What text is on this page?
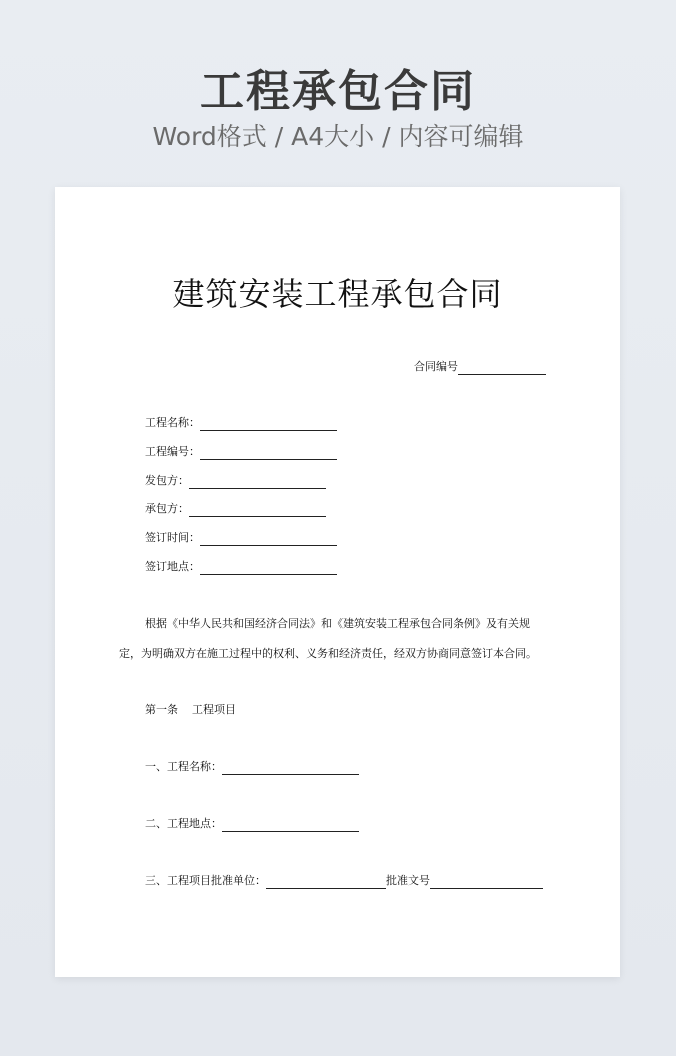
工程承包合同
Word格式 / A4大小 / 内容可编辑
建筑安装工程承包合同
合同编号
工程名称：
工程编号：
发包方：
承包方：
签订时间：
签订地点：
根据《中华人民共和国经济合同法》和《建筑安装工程承包合同条例》及有关规
定，为明确双方在施工过程中的权利、义务和经济责任，经双方协商同意签订本合同。
第一条 工程项目
一、工程名称：
二、工程地点：
三、工程项目批准单位：	批准文号
